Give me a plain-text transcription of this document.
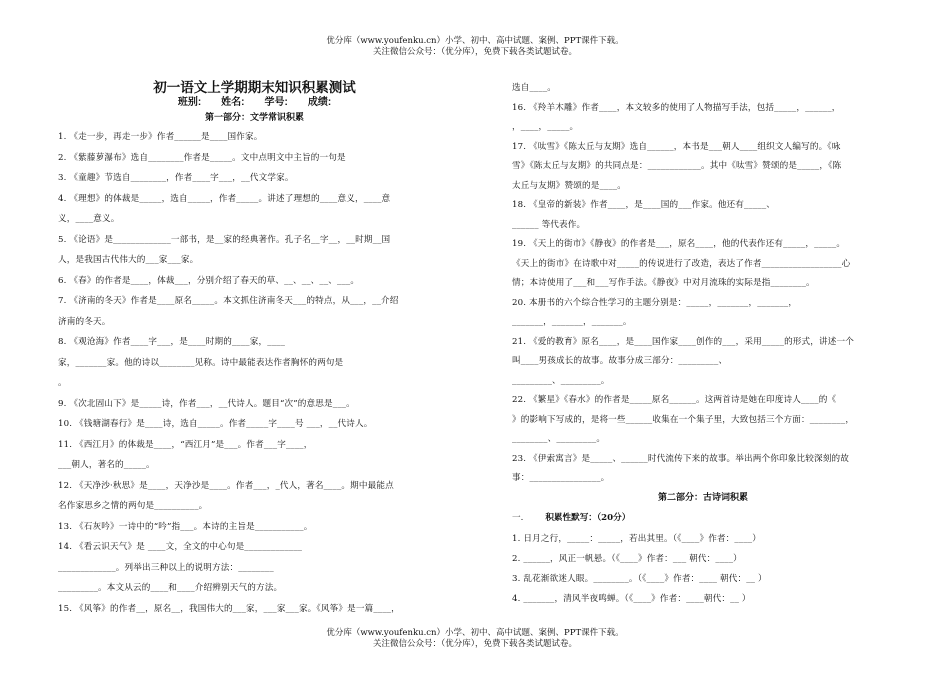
优分库（www.youfenku.cn）小学、初中、高中试题、案例、PPT课件下载。
关注微信公众号：（优分库），免费下载各类试题试卷。
初一语文上学期期末知识积累测试
班别:　　姓名:　　学号:　　成绩:
第一部分：文学常识积累
1. 《走一步，再走一步》作者______是____国作家。
2. 《紫藤萝瀑布》选自________作者是_____。文中点明文中主旨的一句是
3. 《童趣》节选自________，作者____字___，__代文学家。
4. 《理想》的体裁是_____，选自_____，作者_____。讲述了理想的____意义，____意
义，____意义。
5. 《论语》是_____________一部书，是__家的经典著作。孔子名__字__，__时期__国
人，是我国古代伟大的___家___家。
6. 《春》的作者是____，体裁___，分别介绍了春天的草、__、__、__、___。
7. 《济南的冬天》作者是____原名_____。本文抓住济南冬天___的特点，从___，__介绍
济南的冬天。
8. 《观沧海》作者____字___，是____时期的____家，____
家，_______家。他的诗以________见称。诗中最能表达作者胸怀的两句是
。
9. 《次北固山下》是_____诗，作者___，__代诗人。题目“次”的意思是___。
10. 《钱塘湖春行》是____诗，选自_____。作者_____字____号 ___，__代诗人。
11. 《西江月》的体裁是____，“西江月”是___。作者___字____，
___朝人，著名的_____。
12. 《天净沙·秋思》是____，天净沙是____。作者___，_代人，著名____。期中最能点
名作家思乡之情的两句是__________。
13. 《石灰吟》一诗中的“吟”指___。本诗的主旨是___________。
14. 《看云识天气》是 ____文，全文的中心句是_____________
_____________。列举出三种以上的说明方法：________
_________。本文从云的____和____介绍辨别天气的方法。
15. 《风筝》的作者__，原名__，我国伟大的___家，___家___家。《风筝》是一篇____，
选自____。
16. 《羚羊木雕》作者____，本文较多的使用了人物描写手法，包括_____，______，
，____，_____。
17. 《呔雪》《陈太丘与友期》选自______，本书是___朝人____组织文人编写的。《咏
雪》《陈太丘与友期》的共同点是：____________。其中《呔雪》赞颂的是_____，《陈
太丘与友期》赞颂的是____。
18. 《皇帝的新装》作者____，是____国的___作家。他还有_____、
______ 等代表作。
19. 《天上的街市》《静夜》的作者是___，原名____，他的代表作还有_____，_____。
《天上的街市》在诗歌中对_____的传说进行了改造，表达了作者__________________心
情；本诗使用了___和___写作手法。《静夜》中对月流珠的实际是指________。
20. 本册书的六个综合性学习的主题分别是：_____，_______，_______，
_______，_______，_______。
21. 《爱的教育》原名____，是____国作家____创作的___，采用_____的形式，讲述一个
叫____男孩成长的故事。故事分成三部分：_________、
_________、_________。
22. 《繁星》《春水》的作者是_____原名______。这两首诗是她在印度诗人____的《
》的影响下写成的，是将一些______收集在一个集子里，大致包括三个方面：________，
________、_________。
23. 《伊索寓言》是_____、______时代流传下来的故事。举出两个你印象比较深刻的故
事：________________。
第二部分：古诗词积累
一.	积累性默写：（20分）
1. 日月之行，_____：_____，若出其里。（《____》作者：____）
2. ______，风正一帆悬。（《____》作者：___ 朝代：____）
3. 乱花渐欲迷人眼。________。（《____》作者：____ 朝代：__ ）
4. _______，清风半夜鸣蝉。（《____》作者：____朝代：__ ）
优分库（www.youfenku.cn）小学、初中、高中试题、案例、PPT课件下载。
关注微信公众号：（优分库），免费下载各类试题试卷。
